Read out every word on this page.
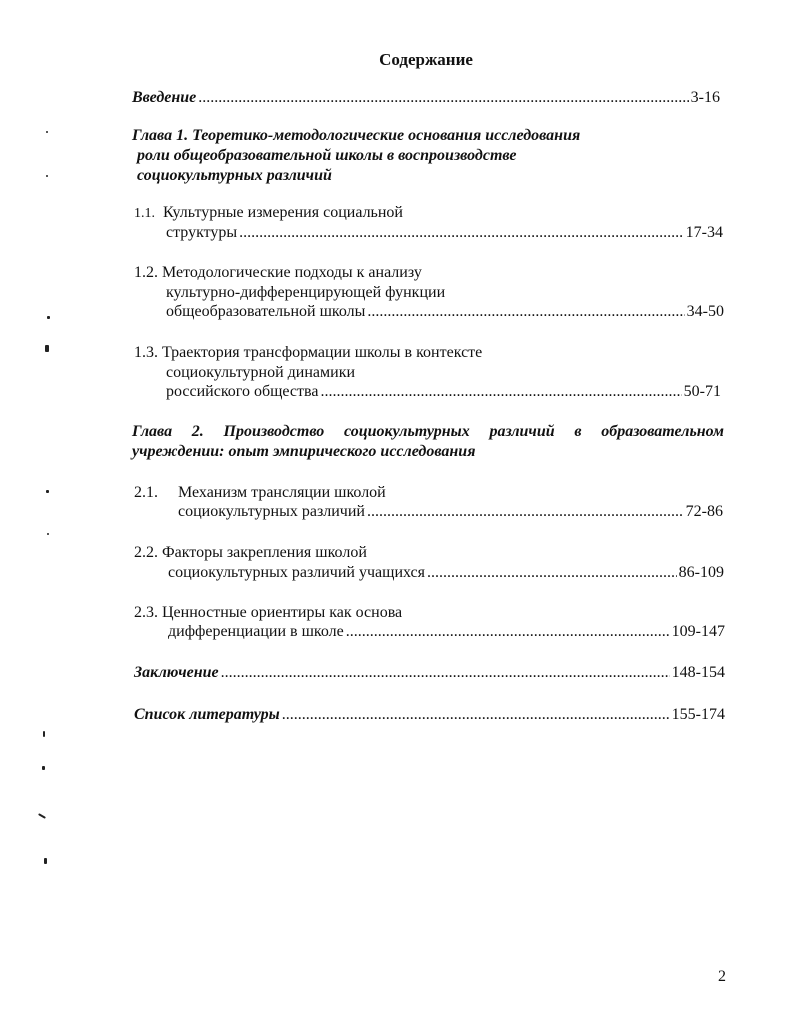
Содержание
Введение . . .	3-16
Глава 1. Теоретико-методологические основания исследования
роли общеобразовательной школы в воспроизводстве
социокультурных различий
1.1. Культурные измерения социальной
структуры . . .	17-34
1.2. Методологические подходы к анализу
культурно-дифференцирующей функции
общеобразовательной школы . . .	34-50
1.3. Траектория трансформации школы в контексте
социокультурной динамики
российского общества . . .	50-71
Глава 2. Производство социокультурных различий в образовательном
учреждении: опыт эмпирического исследования
2.1. Механизм трансляции школой
социокультурных различий . . .	72-86
2.2. Факторы закрепления школой
социокультурных различий учащихся . . .	86-109
2.3. Ценностные ориентиры как основа
дифференциации в школе . . .	109-147
Заключение . . .	148-154
Список литературы . . .	155-174
2
